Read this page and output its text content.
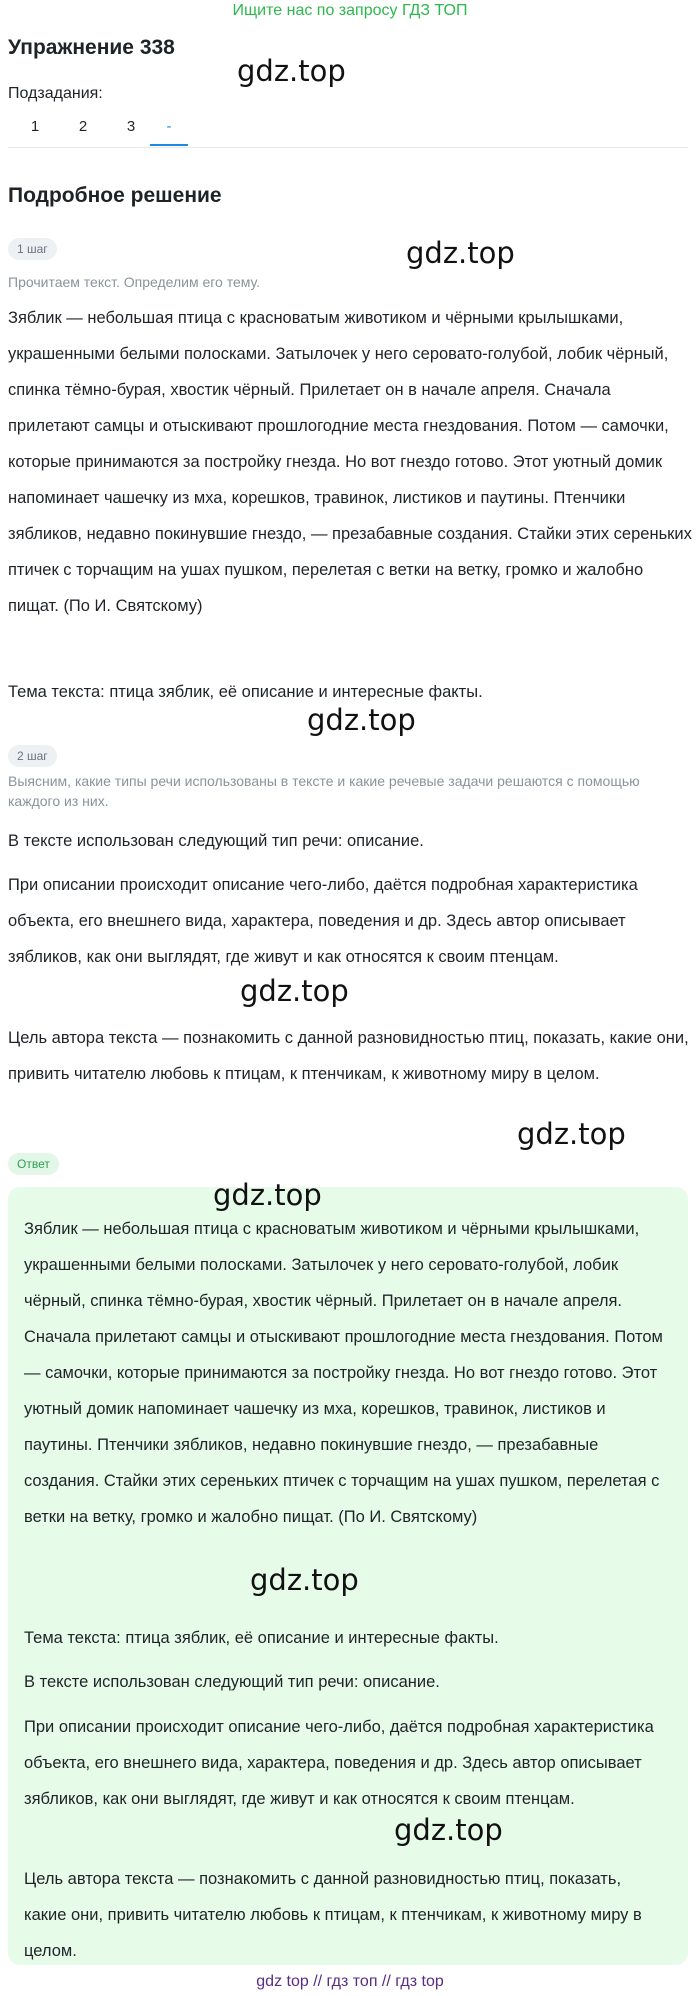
Ищите нас по запросу ГДЗ ТОП
Упражнение 338
Подзадания:
1	2	3	-
Подробное решение
1 шаг
Прочитаем текст. Определим его тему.

Зяблик — небольшая птица с красноватым животиком и чёрными крылышками, украшенными белыми полосками. Затылочек у него серовато-голубой, лобик чёрный, спинка тёмно-бурая, хвостик чёрный. Прилетает он в начале апреля. Сначала прилетают самцы и отыскивают прошлогодние места гнездования. Потом — самочки, которые принимаются за постройку гнезда. Но вот гнездо готово. Этот уютный домик напоминает чашечку из мха, корешков, травинок, листиков и паутины. Птенчики зябликов, недавно покинувшие гнездо, — презабавные создания. Стайки этих сереньких птичек с торчащим на ушах пушком, перелетая с ветки на ветку, громко и жалобно пищат. (По И. Святскому)

Тема текста: птица зяблик, её описание и интересные факты.

2 шаг
Выясним, какие типы речи использованы в тексте и какие речевые задачи решаются с помощью каждого из них.

В тексте использован следующий тип речи: описание.

При описании происходит описание чего-либо, даётся подробная характеристика объекта, его внешнего вида, характера, поведения и др. Здесь автор описывает зябликов, как они выглядят, где живут и как относятся к своим птенцам.

Цель автора текста — познакомить с данной разновидностью птиц, показать, какие они, привить читателю любовь к птицам, к птенчикам, к животному миру в целом.

Ответ

Зяблик — небольшая птица с красноватым животиком и чёрными крылышками, украшенными белыми полосками. Затылочек у него серовато-голубой, лобик чёрный, спинка тёмно-бурая, хвостик чёрный. Прилетает он в начале апреля. Сначала прилетают самцы и отыскивают прошлогодние места гнездования. Потом — самочки, которые принимаются за постройку гнезда. Но вот гнездо готово. Этот уютный домик напоминает чашечку из мха, корешков, травинок, листиков и паутины. Птенчики зябликов, недавно покинувшие гнездо, — презабавные создания. Стайки этих сереньких птичек с торчащим на ушах пушком, перелетая с ветки на ветку, громко и жалобно пищат. (По И. Святскому)

Тема текста: птица зяблик, её описание и интересные факты.

В тексте использован следующий тип речи: описание.

При описании происходит описание чего-либо, даётся подробная характеристика объекта, его внешнего вида, характера, поведения и др. Здесь автор описывает зябликов, как они выглядят, где живут и как относятся к своим птенцам.

Цель автора текста — познакомить с данной разновидностью птиц, показать, какие они, привить читателю любовь к птицам, к птенчикам, к животному миру в целом.

gdz.top
gdz.top
gdz.top
gdz.top
gdz.top
gdz.top
gdz.top
gdz.top
gdz top // гдз топ // гдз top
